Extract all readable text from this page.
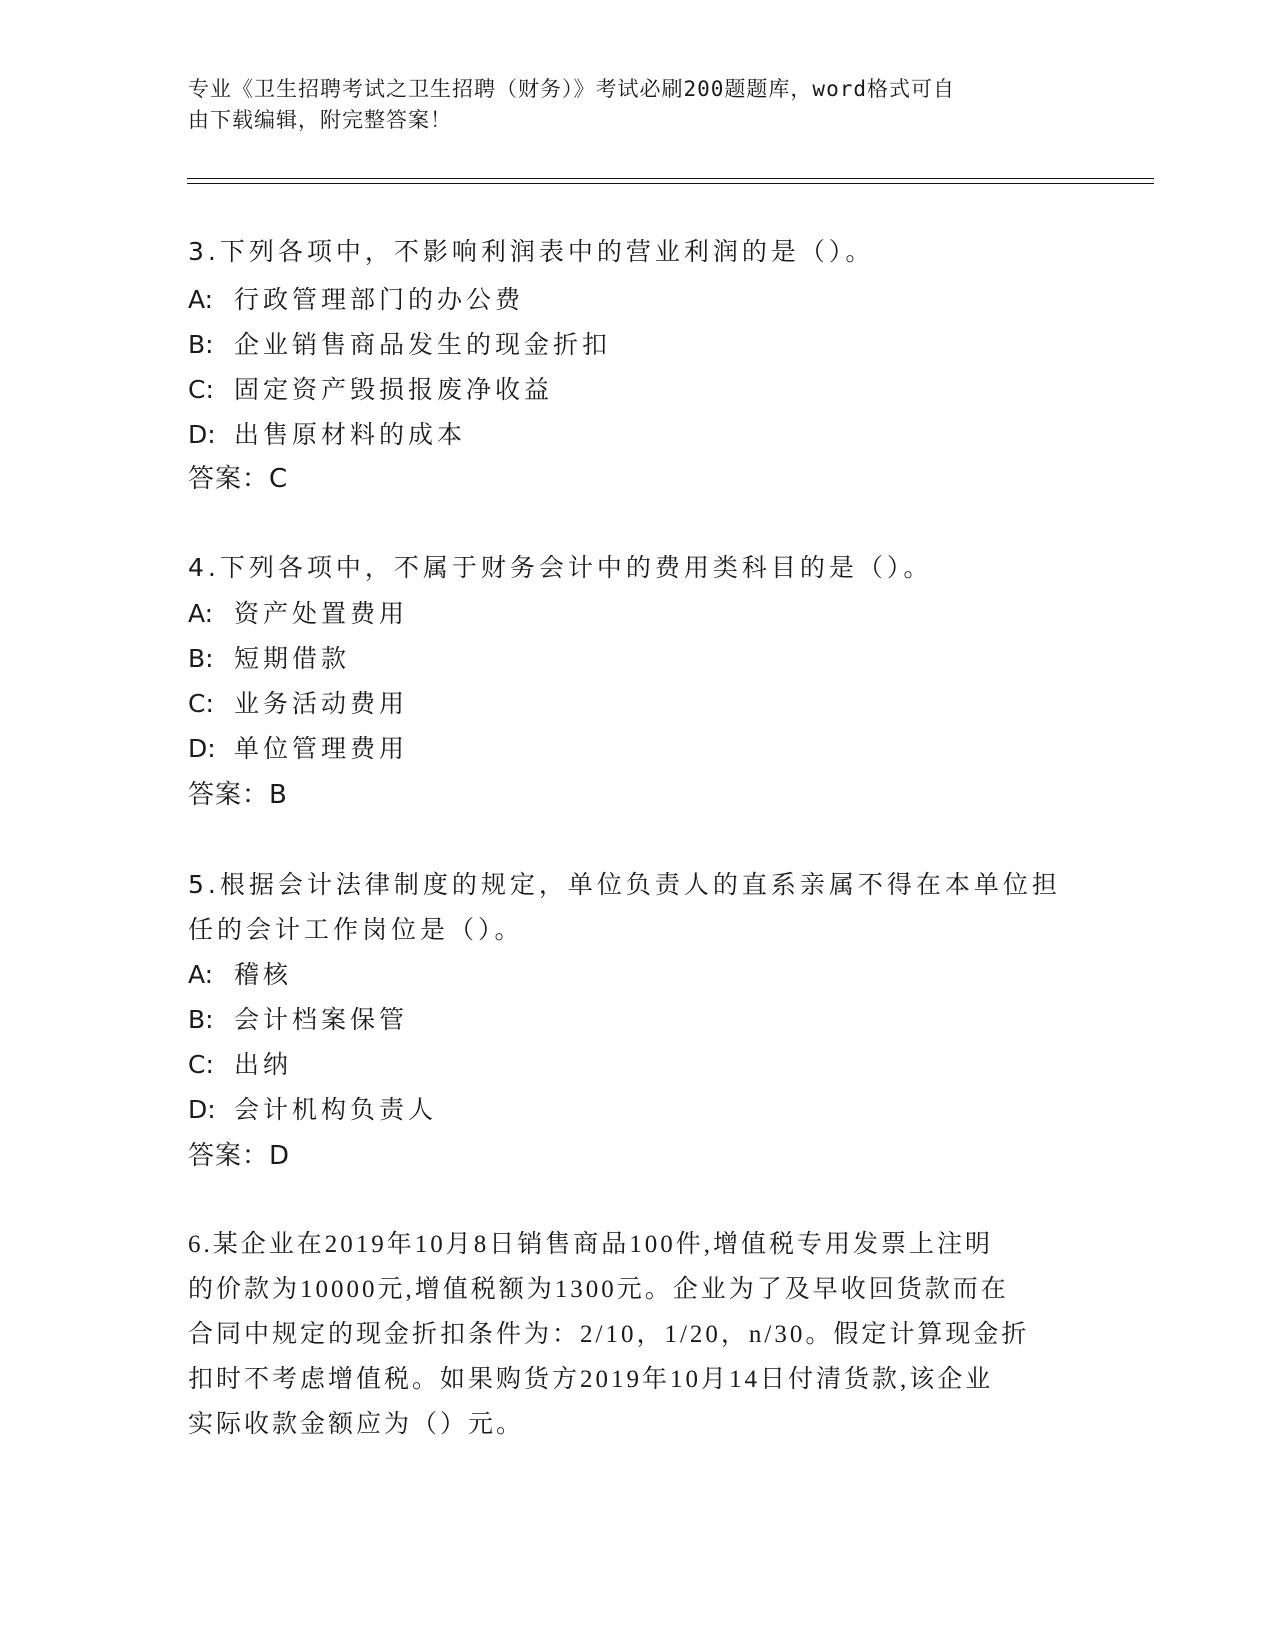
专业《卫生招聘考试之卫生招聘（财务）》考试必刷200题题库，word格式可自
由下载编辑，附完整答案！
3.下列各项中，不影响利润表中的营业利润的是（）。
A: 行政管理部门的办公费
B: 企业销售商品发生的现金折扣
C: 固定资产毁损报废净收益
D: 出售原材料的成本
答案：C
4.下列各项中，不属于财务会计中的费用类科目的是（）。
A: 资产处置费用
B: 短期借款
C: 业务活动费用
D: 单位管理费用
答案：B
5.根据会计法律制度的规定，单位负责人的直系亲属不得在本单位担
任的会计工作岗位是（）。
A: 稽核
B: 会计档案保管
C: 出纳
D: 会计机构负责人
答案：D
6.某企业在2019年10月8日销售商品100件,增值税专用发票上注明
的价款为10000元,增值税额为1300元。企业为了及早收回货款而在
合同中规定的现金折扣条件为：2/10，1/20，n/30。假定计算现金折
扣时不考虑增值税。如果购货方2019年10月14日付清货款,该企业
实际收款金额应为（）元。
